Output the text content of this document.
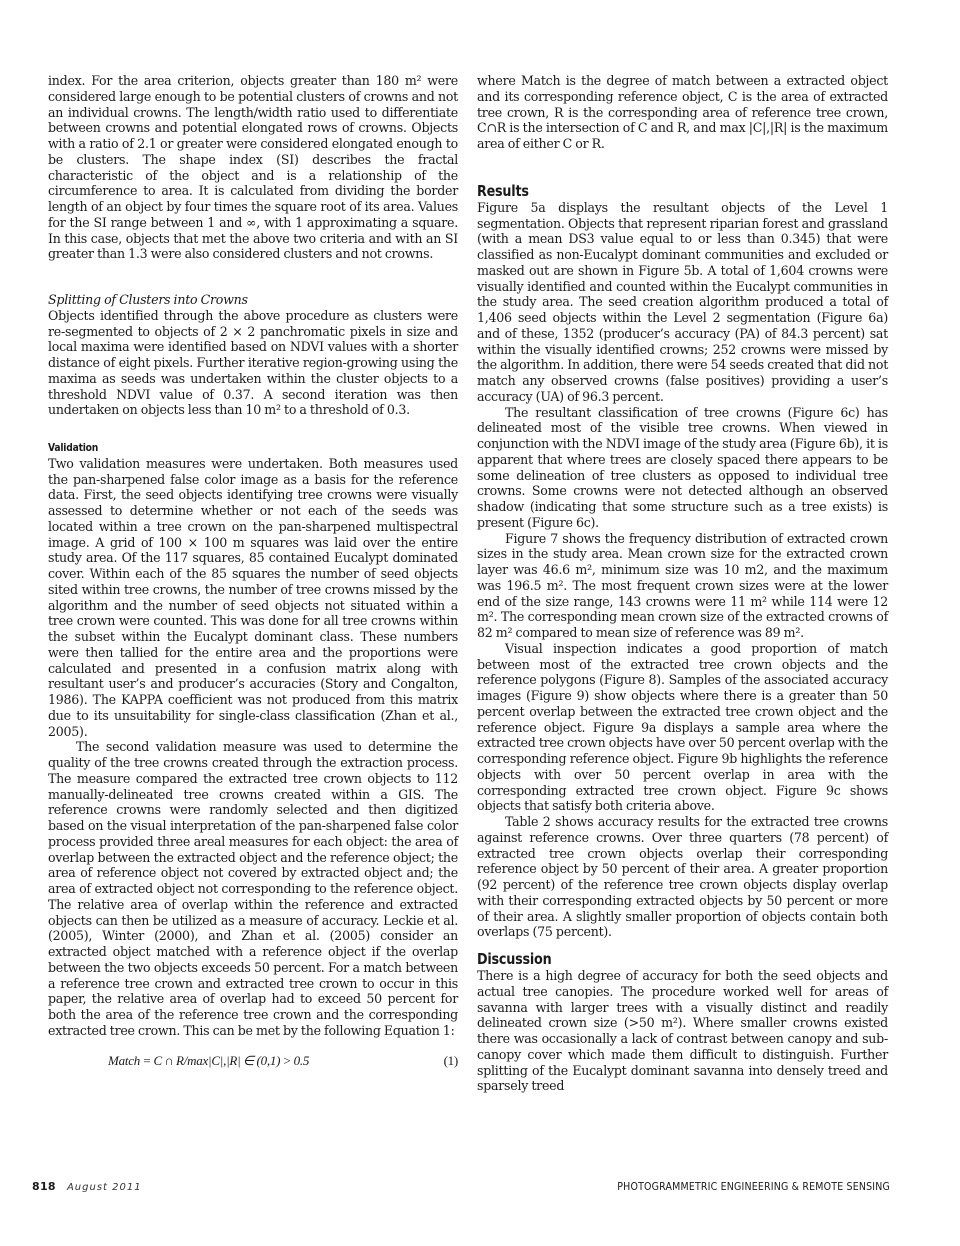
index. For the area criterion, objects greater than 180 m² were considered large enough to be potential clusters of crowns and not an individual crowns. The length/width ratio used to differentiate between crowns and potential elongated rows of crowns. Objects with a ratio of 2.1 or greater were considered elongated enough to be clusters. The shape index (SI) describes the fractal characteristic of the object and is a relationship of the circumference to area. It is calculated from dividing the border length of an object by four times the square root of its area. Values for the SI range between 1 and ∞, with 1 approximating a square. In this case, objects that met the above two criteria and with an SI greater than 1.3 were also considered clusters and not crowns.

Splitting of Clusters into Crowns

Objects identified through the above procedure as clusters were re-segmented to objects of 2 × 2 panchromatic pixels in size and local maxima were identified based on NDVI values with a shorter distance of eight pixels. Further iterative region-growing using the maxima as seeds was undertaken within the cluster objects to a threshold NDVI value of 0.37. A second iteration was then undertaken on objects less than 10 m² to a threshold of 0.3.

Validation

Two validation measures were undertaken. Both measures used the pan-sharpened false color image as a basis for the reference data. First, the seed objects identifying tree crowns were visually assessed to determine whether or not each of the seeds was located within a tree crown on the pan-sharpened multispectral image. A grid of 100 × 100 m squares was laid over the entire study area. Of the 117 squares, 85 contained Eucalypt dominated cover. Within each of the 85 squares the number of seed objects sited within tree crowns, the number of tree crowns missed by the algorithm and the number of seed objects not situated within a tree crown were counted. This was done for all tree crowns within the subset within the Eucalypt dominant class. These numbers were then tallied for the entire area and the proportions were calculated and presented in a confusion matrix along with resultant user’s and producer’s accuracies (Story and Congalton, 1986). The KAPPA coefficient was not produced from this matrix due to its unsuitability for single-class classification (Zhan et al., 2005).

The second validation measure was used to determine the quality of the tree crowns created through the extraction process. The measure compared the extracted tree crown objects to 112 manually-delineated tree crowns created within a GIS. The reference crowns were randomly selected and then digitized based on the visual interpretation of the pan-sharpened false color process provided three areal measures for each object: the area of overlap between the extracted object and the reference object; the area of reference object not covered by extracted object and; the area of extracted object not corresponding to the reference object. The relative area of overlap within the reference and extracted objects can then be utilized as a measure of accuracy. Leckie et al. (2005), Winter (2000), and Zhan et al. (2005) consider an extracted object matched with a reference object if the overlap between the two objects exceeds 50 percent. For a match between a reference tree crown and extracted tree crown to occur in this paper, the relative area of overlap had to exceed 50 percent for both the area of the reference tree crown and the corresponding extracted tree crown. This can be met by the following Equation 1:

Match = C ∩ R/max|C|,|R| ∈ (0,1) > 0.5	(1)

where Match is the degree of match between a extracted object and its corresponding reference object, C is the area of extracted tree crown, R is the corresponding area of reference tree crown, C∩R is the intersection of C and R, and max |C|,|R| is the maximum area of either C or R.

Results

Figure 5a displays the resultant objects of the Level 1 segmentation. Objects that represent riparian forest and grassland (with a mean DS3 value equal to or less than 0.345) that were classified as non-Eucalypt dominant communities and excluded or masked out are shown in Figure 5b. A total of 1,604 crowns were visually identified and counted within the Eucalypt communities in the study area. The seed creation algorithm produced a total of 1,406 seed objects within the Level 2 segmentation (Figure 6a) and of these, 1352 (producer’s accuracy (PA) of 84.3 percent) sat within the visually identified crowns; 252 crowns were missed by the algorithm. In addition, there were 54 seeds created that did not match any observed crowns (false positives) providing a user’s accuracy (UA) of 96.3 percent.

The resultant classification of tree crowns (Figure 6c) has delineated most of the visible tree crowns. When viewed in conjunction with the NDVI image of the study area (Figure 6b), it is apparent that where trees are closely spaced there appears to be some delineation of tree clusters as opposed to individual tree crowns. Some crowns were not detected although an observed shadow (indicating that some structure such as a tree exists) is present (Figure 6c).

Figure 7 shows the frequency distribution of extracted crown sizes in the study area. Mean crown size for the extracted crown layer was 46.6 m², minimum size was 10 m2, and the maximum was 196.5 m². The most frequent crown sizes were at the lower end of the size range, 143 crowns were 11 m² while 114 were 12 m². The corresponding mean crown size of the extracted crowns of 82 m² compared to mean size of reference was 89 m².

Visual inspection indicates a good proportion of match between most of the extracted tree crown objects and the reference polygons (Figure 8). Samples of the associated accuracy images (Figure 9) show objects where there is a greater than 50 percent overlap between the extracted tree crown object and the reference object. Figure 9a displays a sample area where the extracted tree crown objects have over 50 percent overlap with the corresponding reference object. Figure 9b highlights the reference objects with over 50 percent overlap in area with the corresponding extracted tree crown object. Figure 9c shows objects that satisfy both criteria above.

Table 2 shows accuracy results for the extracted tree crowns against reference crowns. Over three quarters (78 percent) of extracted tree crown objects overlap their corresponding reference object by 50 percent of their area. A greater proportion (92 percent) of the reference tree crown objects display overlap with their corresponding extracted objects by 50 percent or more of their area. A slightly smaller proportion of objects contain both overlaps (75 percent).

Discussion

There is a high degree of accuracy for both the seed objects and actual tree canopies. The procedure worked well for areas of savanna with larger trees with a visually distinct and readily delineated crown size (>50 m²). Where smaller crowns existed there was occasionally a lack of contrast between canopy and sub-canopy cover which made them difficult to distinguish. Further splitting of the Eucalypt dominant savanna into densely treed and sparsely treed

818 August 2011	PHOTOGRAMMETRIC ENGINEERING & REMOTE SENSING
